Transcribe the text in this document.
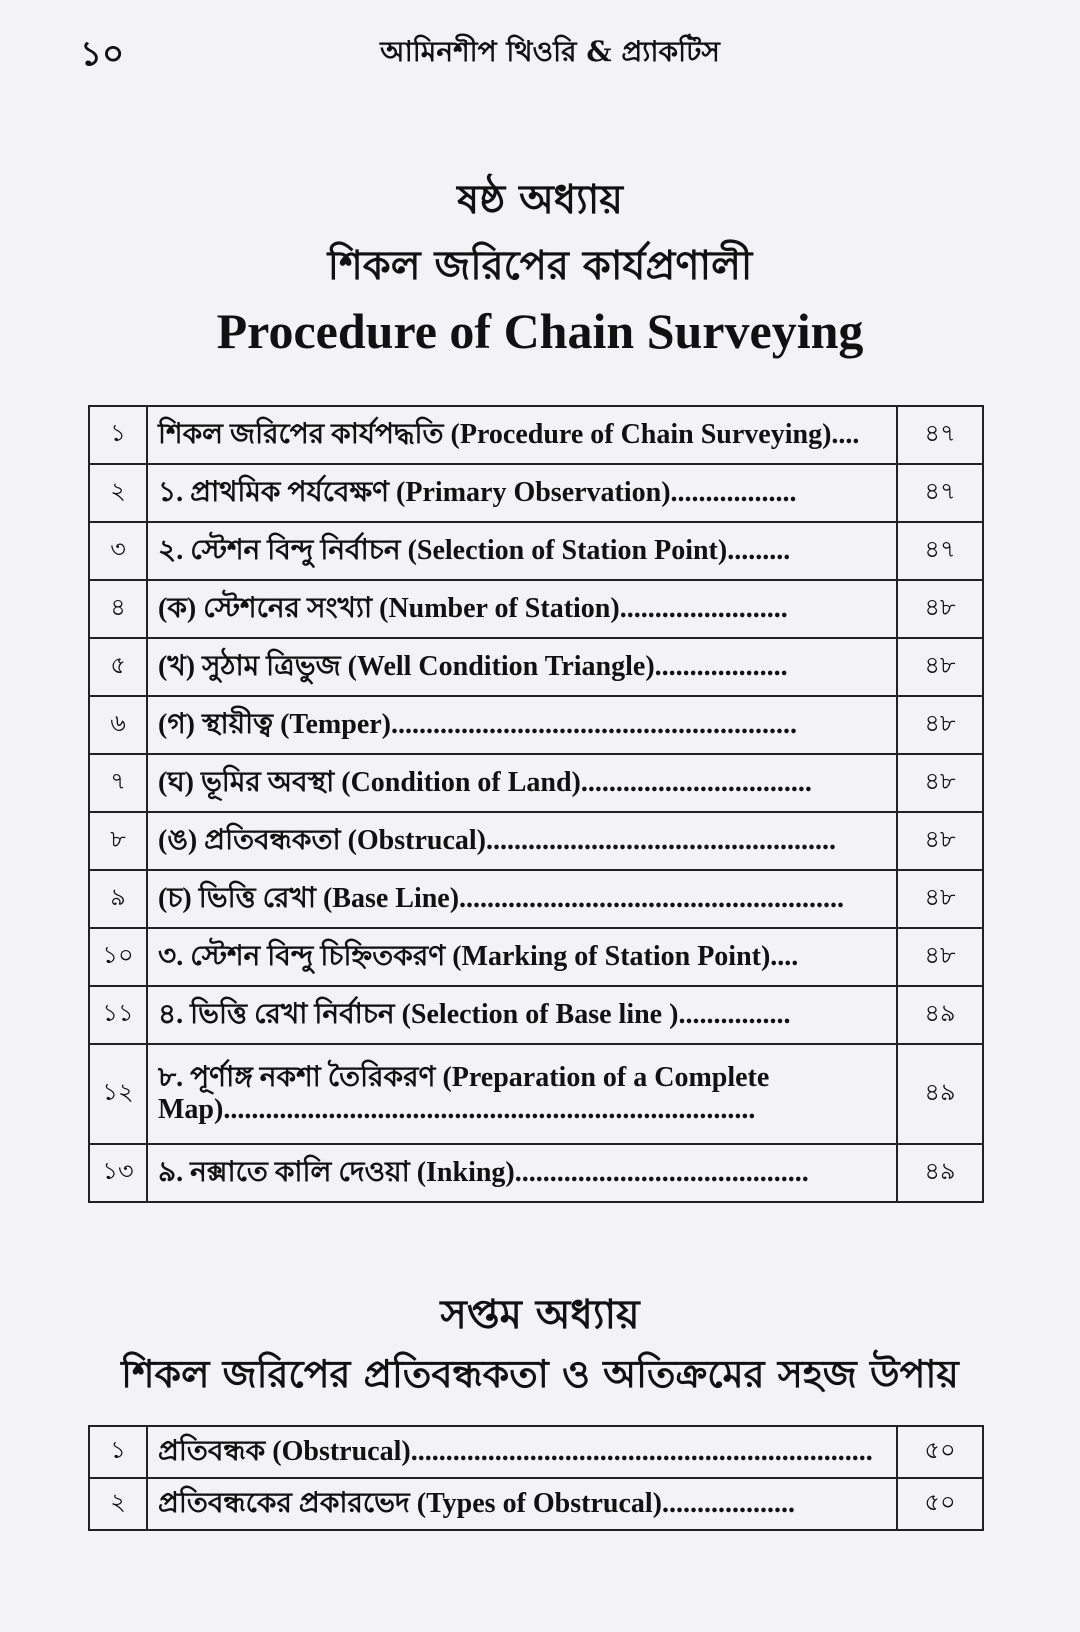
১০	আমিনশীপ থিওরি & প্র্যাকটিস
ষষ্ঠ অধ্যায়
শিকল জরিপের কার্যপ্রণালী
Procedure of Chain Surveying
১	শিকল জরিপের কার্যপদ্ধতি (Procedure of Chain Surveying)....	৪৭
২	১. প্রাথমিক পর্যবেক্ষণ (Primary Observation)..................	৪৭
৩	২. স্টেশন বিন্দু নির্বাচন (Selection of Station Point).........	৪৭
৪	(ক) স্টেশনের সংখ্যা (Number of Station)........................	৪৮
৫	(খ) সুঠাম ত্রিভুজ (Well Condition Triangle)...................	৪৮
৬	(গ) স্থায়ীত্ব (Temper)..........................................................	৪৮
৭	(ঘ) ভূমির অবস্থা (Condition of Land).................................	৪৮
৮	(ঙ) প্রতিবন্ধকতা (Obstrucal)..................................................	৪৮
৯	(চ) ভিত্তি রেখা (Base Line).......................................................	৪৮
১০	৩. স্টেশন বিন্দু চিহ্নিতকরণ (Marking of Station Point)....	৪৮
১১	৪. ভিত্তি রেখা নির্বাচন (Selection of Base line )................	৪৯
১২	৮. পূর্ণাঙ্গ নকশা তৈরিকরণ (Preparation of a Complete Map)............................................................................	৪৯
১৩	৯. নক্সাতে কালি দেওয়া (Inking)..........................................	৪৯
সপ্তম অধ্যায়
শিকল জরিপের প্রতিবন্ধকতা ও অতিক্রমের সহজ উপায়
১	প্রতিবন্ধক (Obstrucal)..................................................................	৫০
২	প্রতিবন্ধকের প্রকারভেদ (Types of Obstrucal)...................	৫০
